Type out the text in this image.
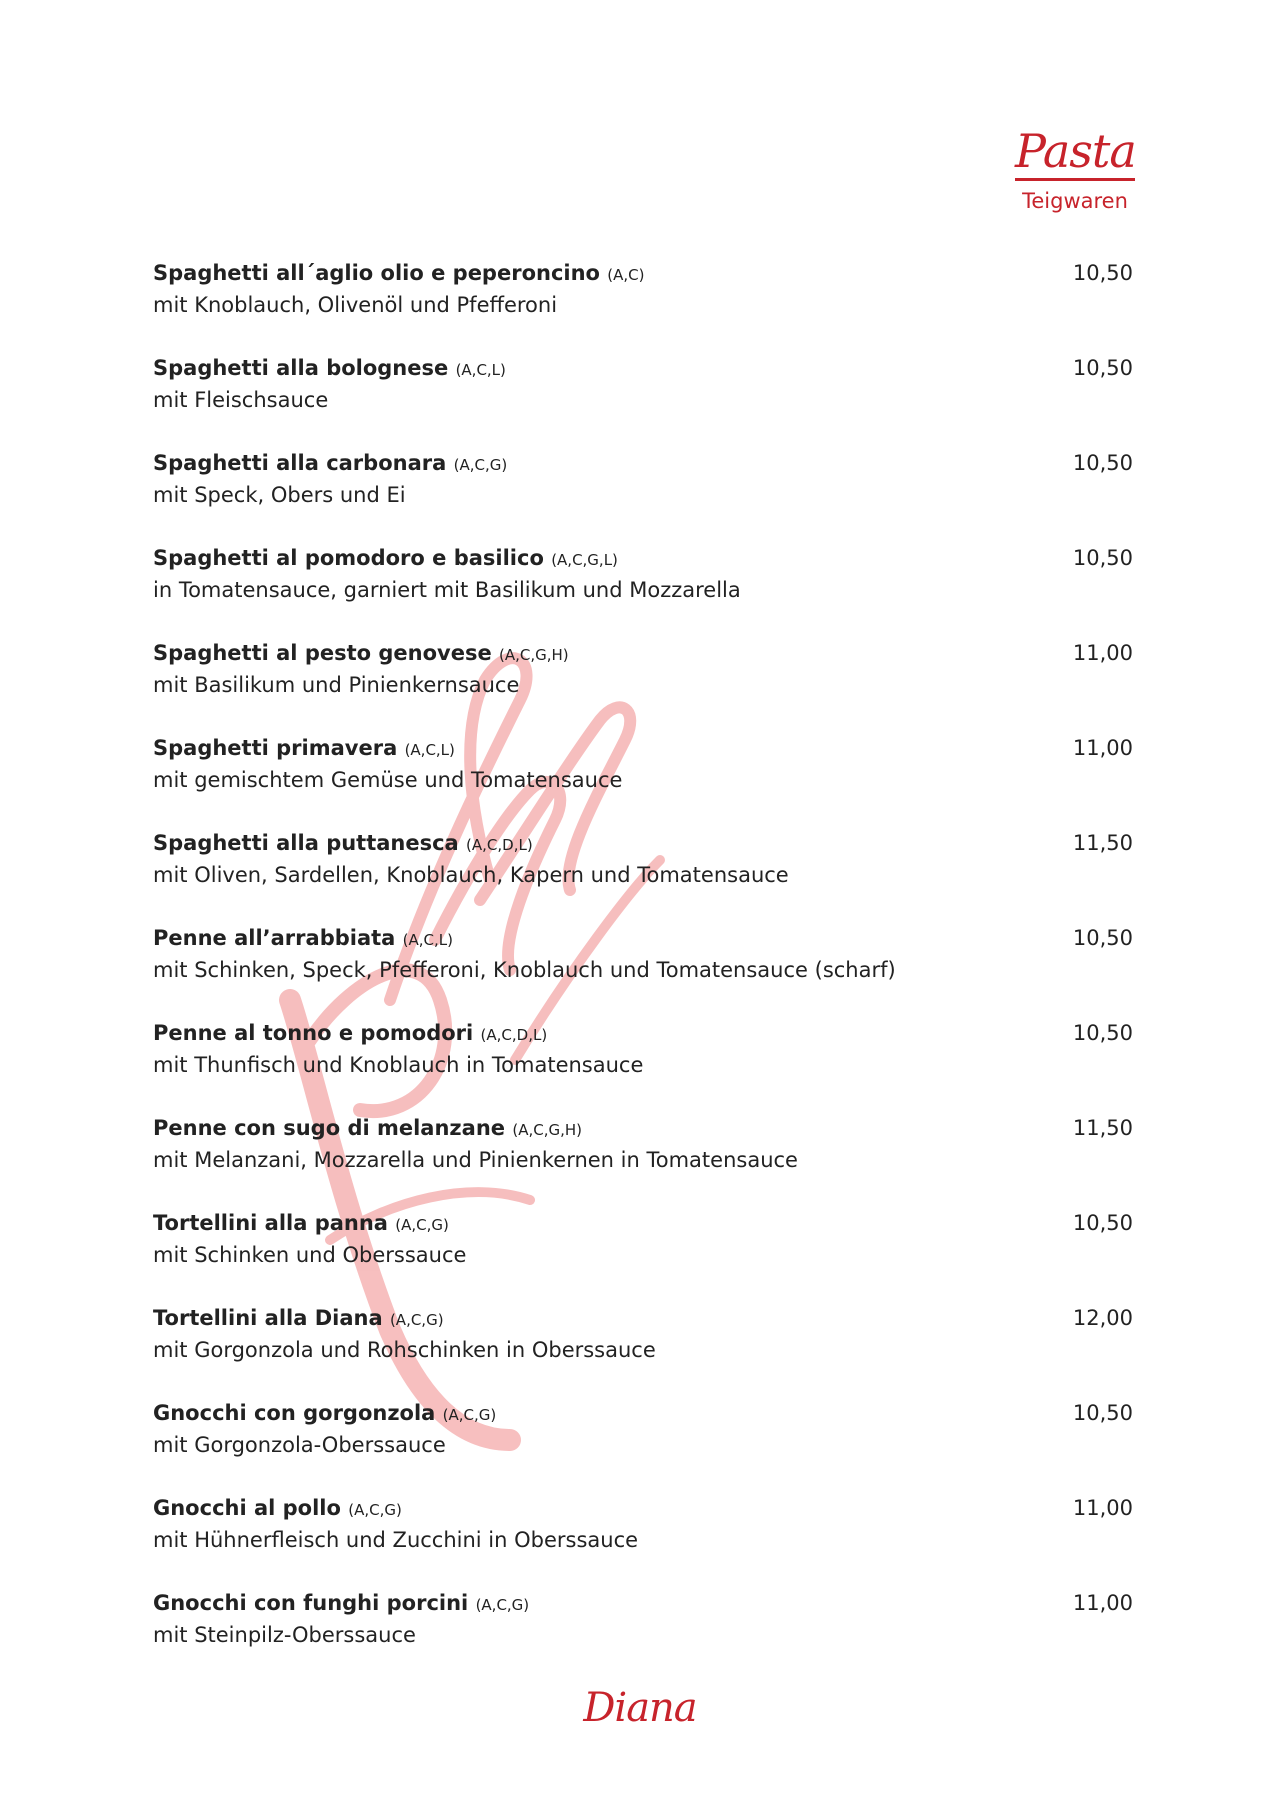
Pasta
Teigwaren
Spaghetti all´aglio olio e peperoncino (A,C)
mit Knoblauch, Olivenöl und Pfefferoni
10,50
Spaghetti alla bolognese (A,C,L)
mit Fleischsauce
10,50
Spaghetti alla carbonara (A,C,G)
mit Speck, Obers und Ei
10,50
Spaghetti al pomodoro e basilico (A,C,G,L)
in Tomatensauce, garniert mit Basilikum und Mozzarella
10,50
Spaghetti al pesto genovese (A,C,G,H)
mit Basilikum und Pinienkernsauce
11,00
Spaghetti primavera (A,C,L)
mit gemischtem Gemüse und Tomatensauce
11,00
Spaghetti alla puttanesca (A,C,D,L)
mit Oliven, Sardellen, Knoblauch, Kapern und Tomatensauce
11,50
Penne all’arrabbiata (A,C,L)
mit Schinken, Speck, Pfefferoni, Knoblauch und Tomatensauce (scharf)
10,50
Penne al tonno e pomodori (A,C,D,L)
mit Thunfisch und Knoblauch in Tomatensauce
10,50
Penne con sugo di melanzane (A,C,G,H)
mit Melanzani, Mozzarella und Pinienkernen in Tomatensauce
11,50
Tortellini alla panna (A,C,G)
mit Schinken und Oberssauce
10,50
Tortellini alla Diana (A,C,G)
mit Gorgonzola und Rohschinken in Oberssauce
12,00
Gnocchi con gorgonzola (A,C,G)
mit Gorgonzola-Oberssauce
10,50
Gnocchi al pollo (A,C,G)
mit Hühnerfleisch und Zucchini in Oberssauce
11,00
Gnocchi con funghi porcini (A,C,G)
mit Steinpilz-Oberssauce
11,00
Diana
